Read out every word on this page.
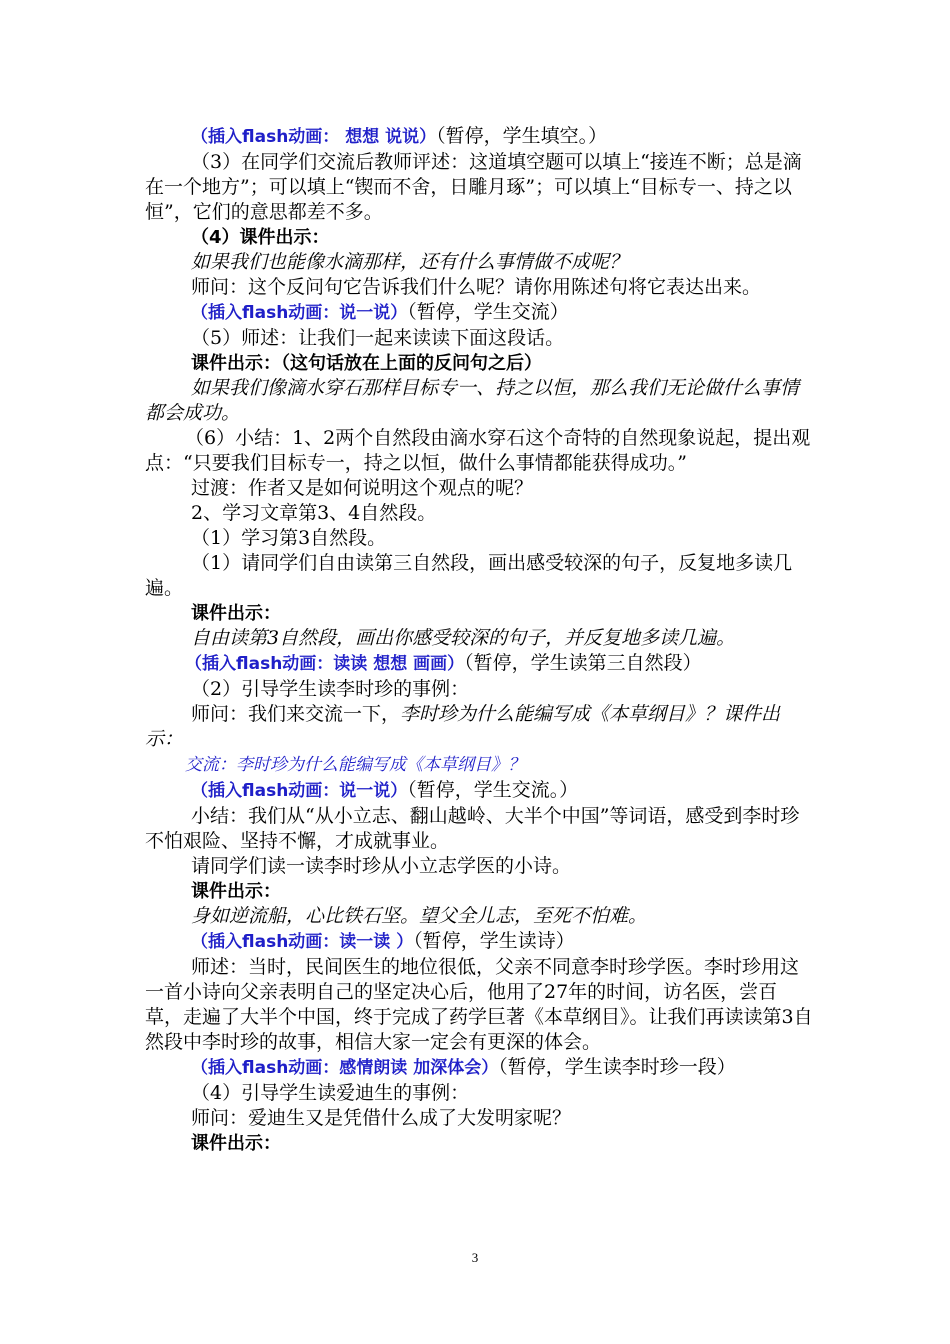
（插入flash动画： 想想 说说）（暂停，学生填空。）

（3）在同学们交流后教师评述：这道填空题可以填上“接连不断；总是滴在一个地方”；可以填上“锲而不舍，日雕月琢”；可以填上“目标专一、持之以恒”，它们的意思都差不多。

（4）课件出示：

如果我们也能像水滴那样，还有什么事情做不成呢？

师问：这个反问句它告诉我们什么呢？请你用陈述句将它表达出来。

（插入flash动画：说一说）（暂停，学生交流）

（5）师述：让我们一起来读读下面这段话。

课件出示：（这句话放在上面的反问句之后）

如果我们像滴水穿石那样目标专一、持之以恒，那么我们无论做什么事情都会成功。

（6）小结：1、2两个自然段由滴水穿石这个奇特的自然现象说起，提出观点：“只要我们目标专一，持之以恒，做什么事情都能获得成功。”

过渡：作者又是如何说明这个观点的呢？

2、学习文章第3、4自然段。

（1）学习第3自然段。

（1）请同学们自由读第三自然段，画出感受较深的句子，反复地多读几遍。

课件出示：

自由读第3自然段，画出你感受较深的句子，并反复地多读几遍。

（插入flash动画：读读 想想 画画）（暂停，学生读第三自然段）

（2）引导学生读李时珍的事例：

师问：我们来交流一下，李时珍为什么能编写成《本草纲目》？课件出示：

交流：李时珍为什么能编写成《本草纲目》？

（插入flash动画：说一说）（暂停，学生交流。）

小结：我们从“从小立志、翻山越岭、大半个中国”等词语，感受到李时珍不怕艰险、坚持不懈，才成就事业。

请同学们读一读李时珍从小立志学医的小诗。

课件出示：

身如逆流船，心比铁石坚。望父全儿志，至死不怕难。

（插入flash动画：读一读 ）（暂停，学生读诗）

师述：当时，民间医生的地位很低，父亲不同意李时珍学医。李时珍用这一首小诗向父亲表明自己的坚定决心后，他用了27年的时间，访名医，尝百草，走遍了大半个中国，终于完成了药学巨著《本草纲目》。让我们再读读第3自然段中李时珍的故事，相信大家一定会有更深的体会。

（插入flash动画：感情朗读 加深体会）（暂停，学生读李时珍一段）

（4）引导学生读爱迪生的事例：

师问：爱迪生又是凭借什么成了大发明家呢？

课件出示：

3
